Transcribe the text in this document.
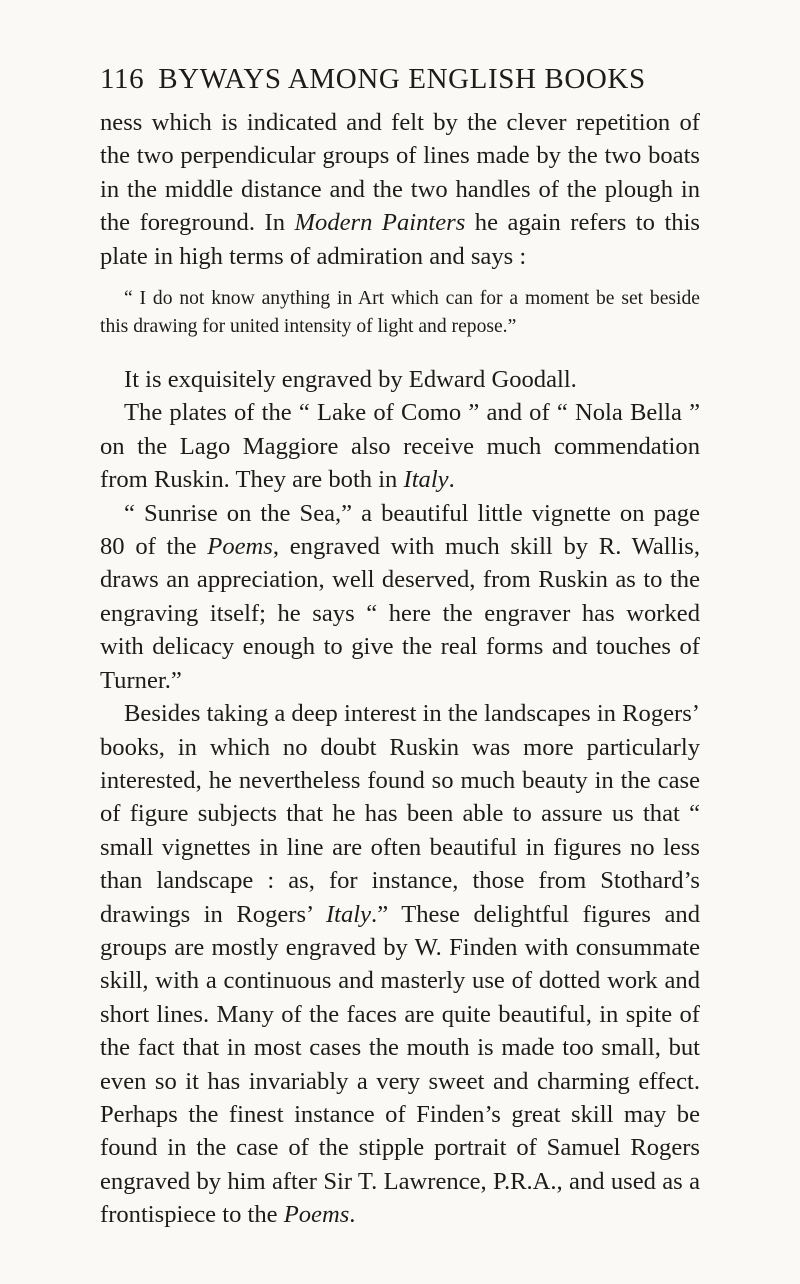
116 BYWAYS AMONG ENGLISH BOOKS

ness which is indicated and felt by the clever repetition of the two perpendicular groups of lines made by the two boats in the middle distance and the two handles of the plough in the foreground. In Modern Painters he again refers to this plate in high terms of admiration and says :

“ I do not know anything in Art which can for a moment be set beside this drawing for united intensity of light and repose.”

It is exquisitely engraved by Edward Goodall.

The plates of the “ Lake of Como ” and of “ Nola Bella ” on the Lago Maggiore also receive much commendation from Ruskin. They are both in Italy.

“ Sunrise on the Sea,” a beautiful little vignette on page 80 of the Poems, engraved with much skill by R. Wallis, draws an appreciation, well deserved, from Ruskin as to the engraving itself; he says “ here the engraver has worked with delicacy enough to give the real forms and touches of Turner.”

Besides taking a deep interest in the landscapes in Rogers’ books, in which no doubt Ruskin was more particularly interested, he nevertheless found so much beauty in the case of figure subjects that he has been able to assure us that “ small vignettes in line are often beautiful in figures no less than landscape : as, for instance, those from Stothard’s drawings in Rogers’ Italy.” These delightful figures and groups are mostly engraved by W. Finden with consummate skill, with a continuous and masterly use of dotted work and short lines. Many of the faces are quite beautiful, in spite of the fact that in most cases the mouth is made too small, but even so it has invariably a very sweet and charming effect. Perhaps the finest instance of Finden’s great skill may be found in the case of the stipple portrait of Samuel Rogers engraved by him after Sir T. Lawrence, P.R.A., and used as a frontispiece to the Poems.
